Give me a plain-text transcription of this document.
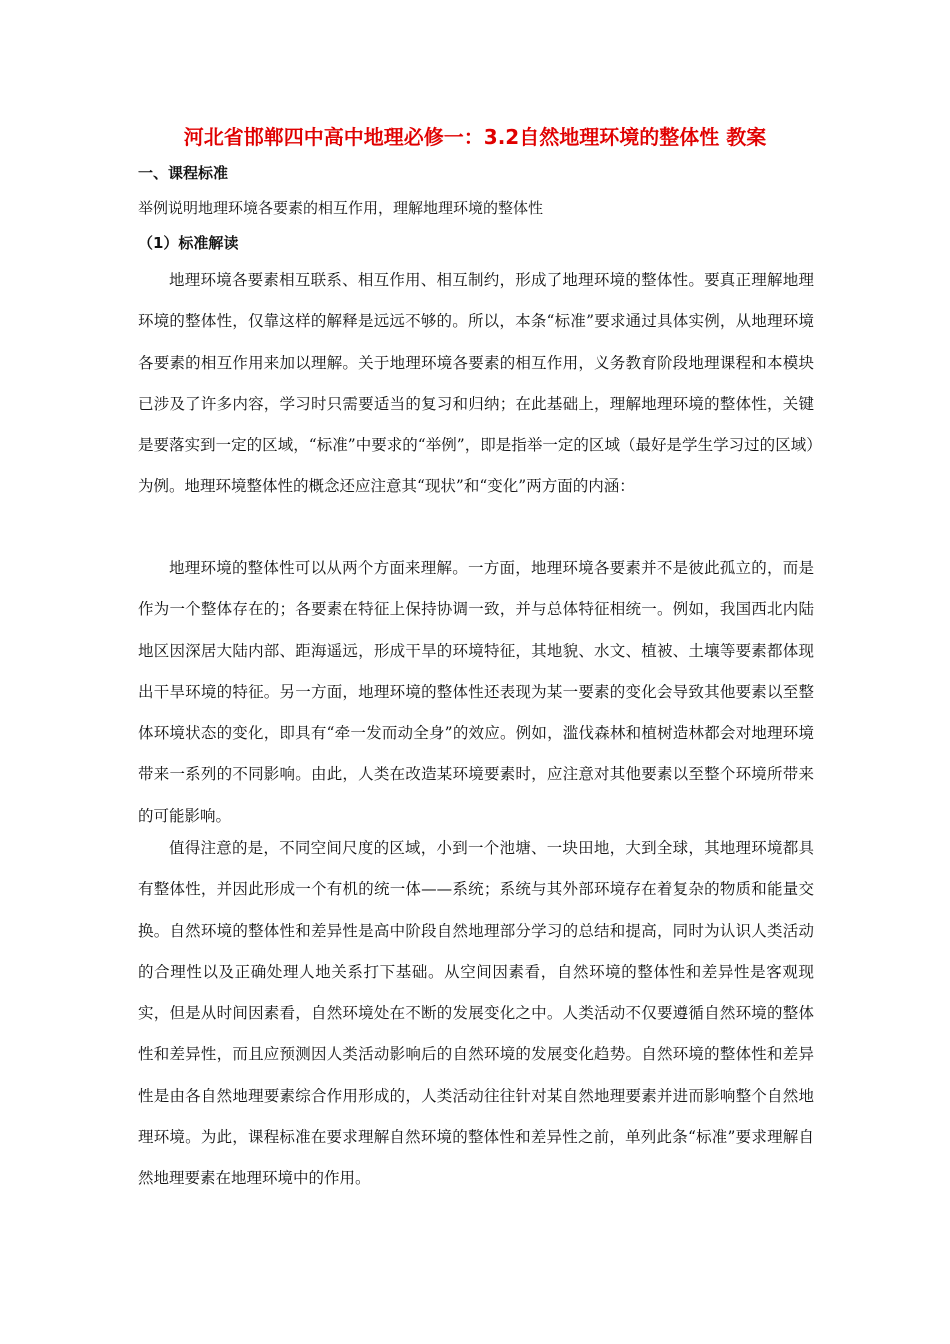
河北省邯郸四中高中地理必修一：3.2自然地理环境的整体性 教案
一、课程标准
举例说明地理环境各要素的相互作用，理解地理环境的整体性
（1）标准解读

地理环境各要素相互联系、相互作用、相互制约，形成了地理环境的整体性。要真正理解地理环境的整体性，仅靠这样的解释是远远不够的。所以，本条“标准”要求通过具体实例，从地理环境各要素的相互作用来加以理解。关于地理环境各要素的相互作用，义务教育阶段地理课程和本模块已涉及了许多内容，学习时只需要适当的复习和归纳；在此基础上，理解地理环境的整体性，关键是要落实到一定的区域，“标准”中要求的“举例”，即是指举一定的区域（最好是学生学习过的区域）为例。地理环境整体性的概念还应注意其“现状”和“变化”两方面的内涵：

地理环境的整体性可以从两个方面来理解。一方面，地理环境各要素并不是彼此孤立的，而是作为一个整体存在的；各要素在特征上保持协调一致，并与总体特征相统一。例如，我国西北内陆地区因深居大陆内部、距海遥远，形成干旱的环境特征，其地貌、水文、植被、土壤等要素都体现出干旱环境的特征。另一方面，地理环境的整体性还表现为某一要素的变化会导致其他要素以至整体环境状态的变化，即具有“牵一发而动全身”的效应。例如，滥伐森林和植树造林都会对地理环境带来一系列的不同影响。由此，人类在改造某环境要素时，应注意对其他要素以至整个环境所带来的可能影响。

值得注意的是，不同空间尺度的区域，小到一个池塘、一块田地，大到全球，其地理环境都具有整体性，并因此形成一个有机的统一体——系统；系统与其外部环境存在着复杂的物质和能量交换。自然环境的整体性和差异性是高中阶段自然地理部分学习的总结和提高，同时为认识人类活动的合理性以及正确处理人地关系打下基础。从空间因素看，自然环境的整体性和差异性是客观现实，但是从时间因素看，自然环境处在不断的发展变化之中。人类活动不仅要遵循自然环境的整体性和差异性，而且应预测因人类活动影响后的自然环境的发展变化趋势。自然环境的整体性和差异性是由各自然地理要素综合作用形成的，人类活动往往针对某自然地理要素并进而影响整个自然地理环境。为此，课程标准在要求理解自然环境的整体性和差异性之前，单列此条“标准”要求理解自然地理要素在地理环境中的作用。
